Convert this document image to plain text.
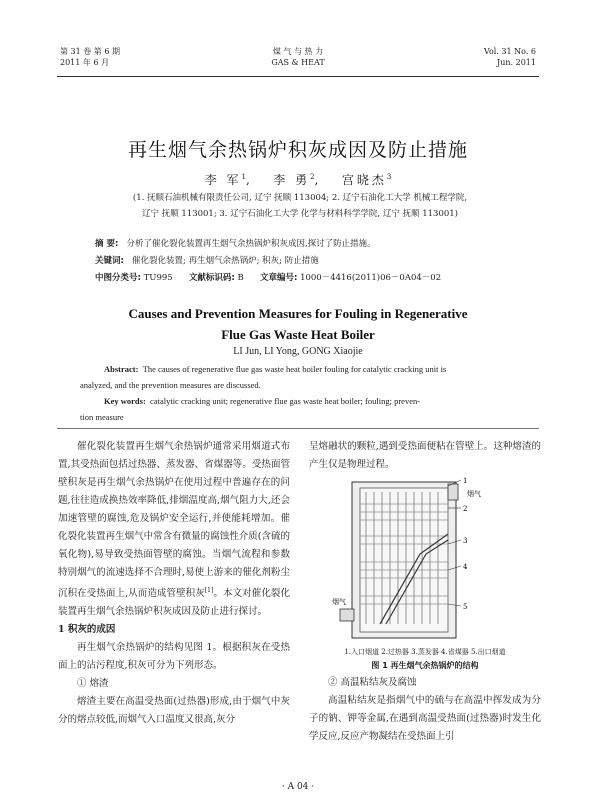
第 31 卷 第 6 期
2011 年 6 月
煤 气 与 热 力
GAS & HEAT
Vol. 31 No. 6
Jun. 2011
再生烟气余热锅炉积灰成因及防止措施
李 军$^1$,   李 勇$^2$,   宫晓杰$^3$
(1. 抚顺石油机械有限责任公司, 辽宁 抚顺 113004; 2. 辽宁石油化工大学 机械工程学院,
辽宁 抚顺 113001; 3. 辽宁石油化工大学 化学与材料科学学院, 辽宁 抚顺 113001)
摘 要: 分析了催化裂化装置再生烟气余热锅炉积灰成因,探讨了防止措施。
关键词: 催化裂化装置; 再生烟气余热锅炉; 积灰; 防止措施
中图分类号: TU995 文献标识码: B 文章编号: 1000－4416(2011)06－0A04－02
Causes and Prevention Measures for Fouling in Regenerative
Flue Gas Waste Heat Boiler
LI Jun, LI Yong, GONG Xiaojie
Abstract: The causes of regenerative flue gas waste heat boiler fouling for catalytic cracking unit is
analyzed, and the prevention measures are discussed.
Key words: catalytic cracking unit; regenerative flue gas waste heat boiler; fouling; preven-
tion measure

催化裂化装置再生烟气余热锅炉通常采用烟道式布置,其受热面包括过热器、蒸发器、省煤器等。受热面管壁积灰是再生烟气余热锅炉在使用过程中普遍存在的问题,往往造成换热效率降低,排烟温度高,烟气阻力大,还会加速管壁的腐蚀,危及锅炉安全运行,并使能耗增加。催化裂化装置再生烟气中常含有微量的腐蚀性介质(含硫的氧化物),易导致受热面管壁的腐蚀。当烟气流程和参数特别烟气的流速选择不合理时,易使上游来的催化剂粉尘沉积在受热面上,从而造成管壁积灰[1]。本文对催化裂化装置再生烟气余热锅炉积灰成因及防止进行探讨。

1 积灰的成因

再生烟气余热锅炉的结构见图 1。根据积灰在受热面上的沾污程度,积灰可分为下列形态。

① 熔渣

熔渣主要在高温受热面(过热器)形成,由于烟气中灰分的熔点较低,而烟气入口温度又很高,灰分

呈熔融状的颗粒,遇到受热面便粘在管壁上。这种熔渣的产生仅是物理过程。

1
2
3
4
5
烟气
烟气
1.入口烟道 2.过热器 3.蒸发器 4.省煤器 5.出口烟道
图 1 再生烟气余热锅炉的结构

② 高温粘结灰及腐蚀

高温粘结灰是指烟气中的硫与在高温中挥发成为分子的钠、钾等金属,在遇到高温受热面(过热器)时发生化学反应,反应产物凝结在受热面上引

· A 04 ·
